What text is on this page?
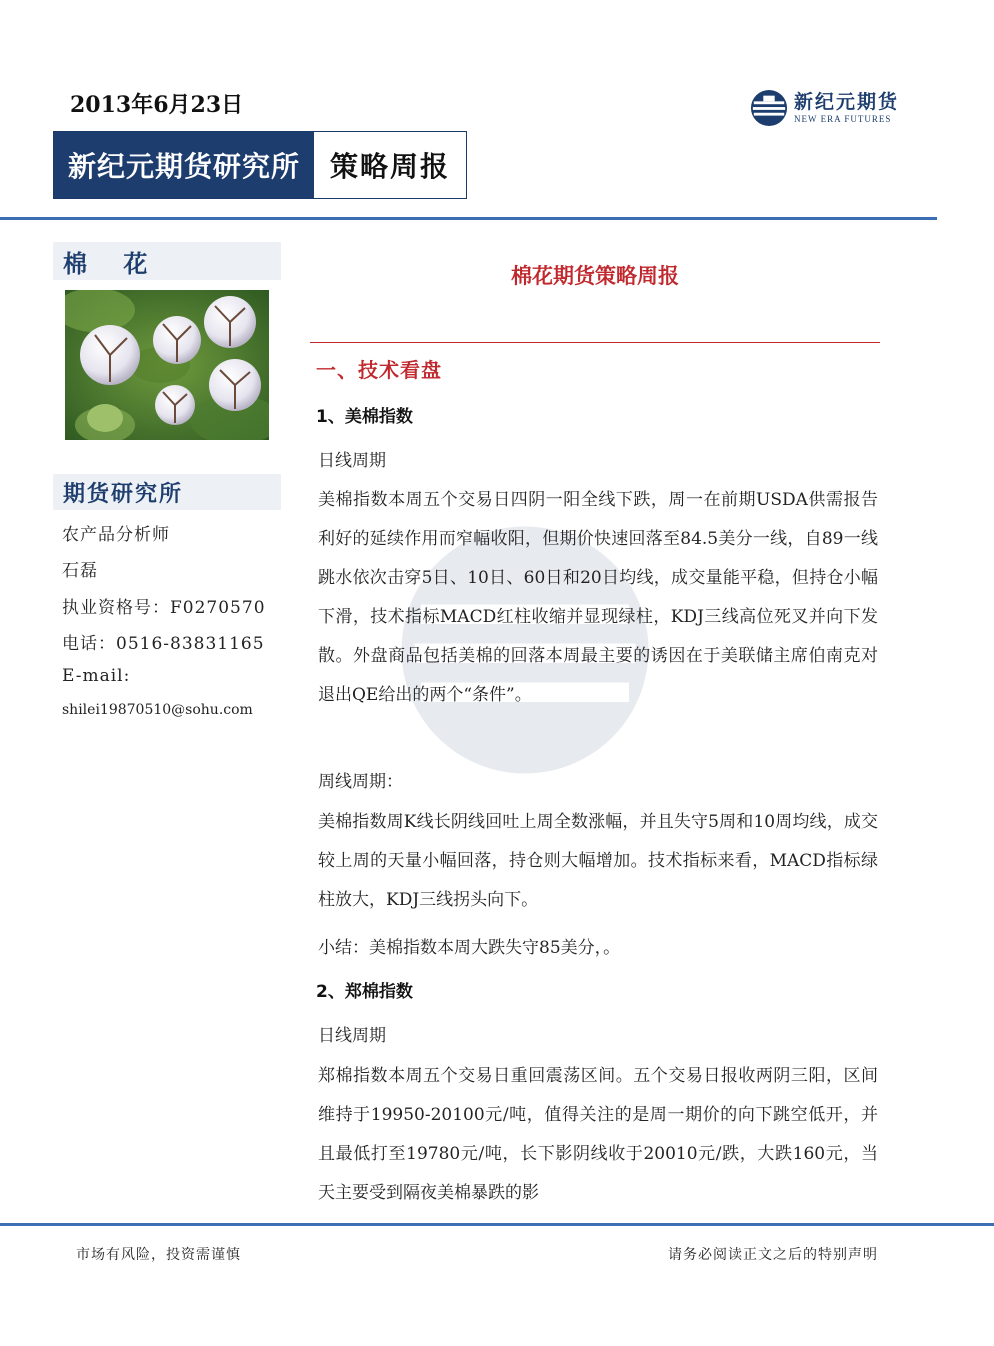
2013年6月23日
新纪元期货研究所	策略周报
新纪元期货
NEW ERA FUTURES
棉 花
期货研究所
农产品分析师
石磊
执业资格号：F0270570
电话：0516-83831165
E-mail:
shilei19870510@sohu.com
棉花期货策略周报
一、技术看盘
1、美棉指数
日线周期

美棉指数本周五个交易日四阴一阳全线下跌，周一在前期USDA供需报告利好的延续作用而窄幅收阳，但期价快速回落至84.5美分一线，自89一线跳水依次击穿5日、10日、60日和20日均线，成交量能平稳，但持仓小幅下滑，技术指标MACD红柱收缩并显现绿柱，KDJ三线高位死叉并向下发散。外盘商品包括美棉的回落本周最主要的诱因在于美联储主席伯南克对退出QE给出的两个“条件”。

周线周期：

美棉指数周K线长阴线回吐上周全数涨幅，并且失守5周和10周均线，成交较上周的天量小幅回落，持仓则大幅增加。技术指标来看，MACD指标绿柱放大，KDJ三线拐头向下。

小结：美棉指数本周大跌失守85美分，。
2、郑棉指数
日线周期

郑棉指数本周五个交易日重回震荡区间。五个交易日报收两阴三阳，区间维持于19950-20100元/吨，值得关注的是周一期价的向下跳空低开，并且最低打至19780元/吨，长下影阴线收于20010元/跌，大跌160元，当天主要受到隔夜美棉暴跌的影

市场有风险，投资需谨慎	请务必阅读正文之后的特别声明
